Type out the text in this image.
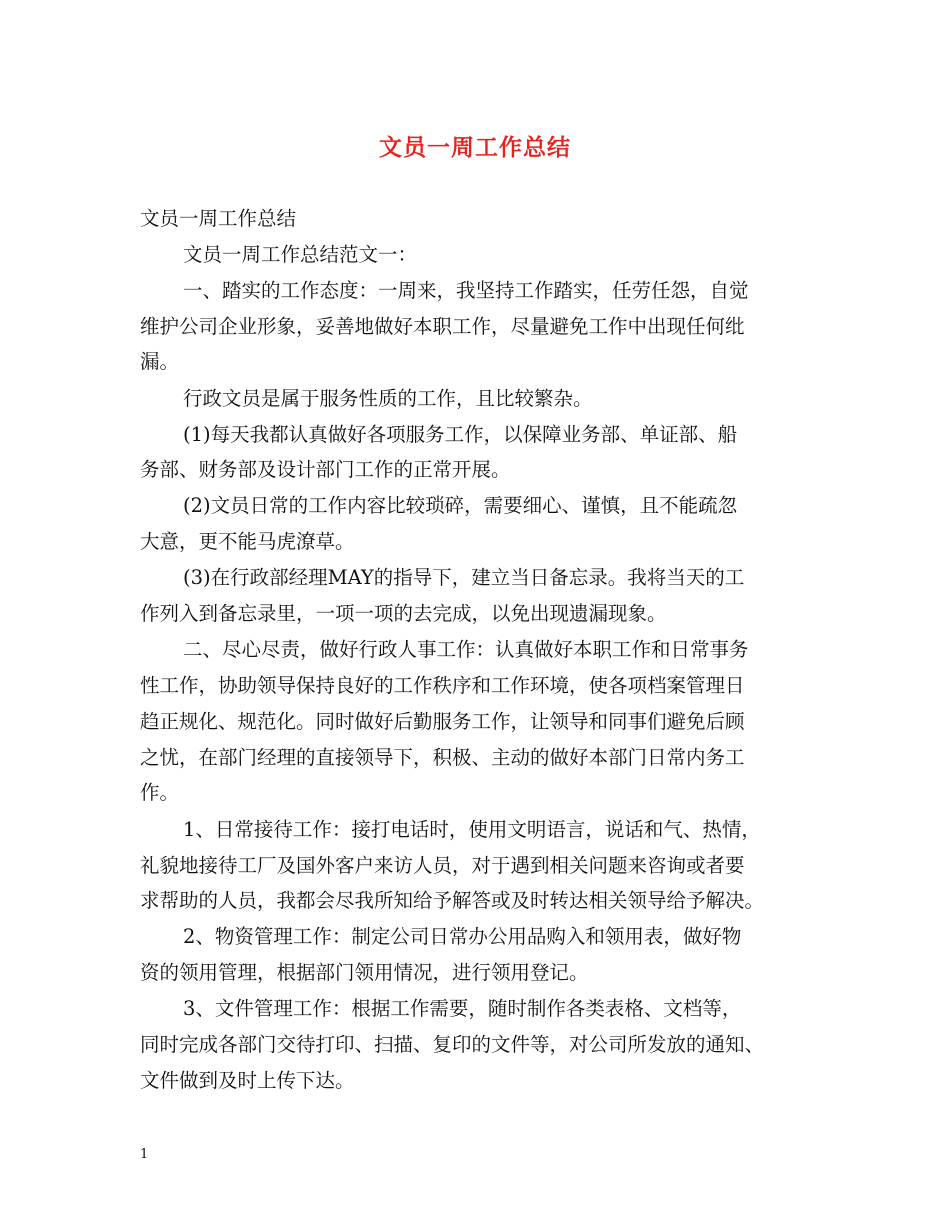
文员一周工作总结
文员一周工作总结
文员一周工作总结范文一：
一、踏实的工作态度：一周来，我坚持工作踏实，任劳任怨，自觉
维护公司企业形象，妥善地做好本职工作，尽量避免工作中出现任何纰
漏。
行政文员是属于服务性质的工作，且比较繁杂。
(1)每天我都认真做好各项服务工作，以保障业务部、单证部、船
务部、财务部及设计部门工作的正常开展。
(2)文员日常的工作内容比较琐碎，需要细心、谨慎，且不能疏忽
大意，更不能马虎潦草。
(3)在行政部经理MAY的指导下，建立当日备忘录。我将当天的工
作列入到备忘录里，一项一项的去完成，以免出现遗漏现象。
二、尽心尽责，做好行政人事工作：认真做好本职工作和日常事务
性工作，协助领导保持良好的工作秩序和工作环境，使各项档案管理日
趋正规化、规范化。同时做好后勤服务工作，让领导和同事们避免后顾
之忧，在部门经理的直接领导下，积极、主动的做好本部门日常内务工
作。
1、日常接待工作：接打电话时，使用文明语言，说话和气、热情，
礼貌地接待工厂及国外客户来访人员，对于遇到相关问题来咨询或者要
求帮助的人员，我都会尽我所知给予解答或及时转达相关领导给予解决。
2、物资管理工作：制定公司日常办公用品购入和领用表，做好物
资的领用管理，根据部门领用情况，进行领用登记。
3、文件管理工作：根据工作需要，随时制作各类表格、文档等，
同时完成各部门交待打印、扫描、复印的文件等，对公司所发放的通知、
文件做到及时上传下达。
1
